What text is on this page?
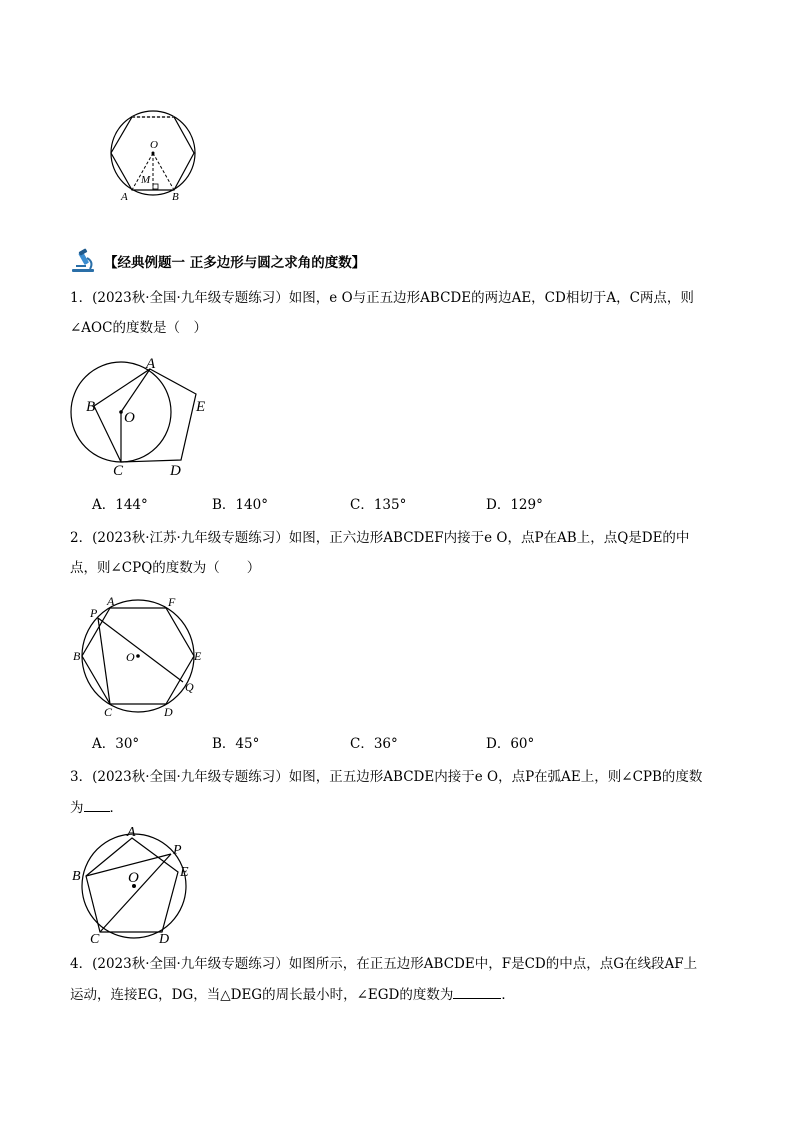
O
M
A	B
【经典例题一 正多边形与圆之求角的度数】
1．(2023秋·全国·九年级专题练习）如图，e O与正五边形ABCDE的两边AE，CD相切于A，C两点，则
∠AOC的度数是（　）
A
B
O
E
C	D
A．144°	B．140°	C．135°	D．129°
2．(2023秋·江苏·九年级专题练习）如图，正六边形ABCDEF内接于e O，点P在AB上，点Q是DE的中
点，则∠CPQ的度数为（　　）
P
A	F
B	O	E
Q
C	D
A．30°	B．45°	C．36°	D．60°
3．(2023秋·全国·九年级专题练习）如图，正五边形ABCDE内接于e O，点P在弧AE上，则∠CPB的度数
为 ．
A
P
E
B	O
C	D
4．(2023秋·全国·九年级专题练习）如图所示，在正五边形ABCDE中，F是CD的中点，点G在线段AF上
运动，连接EG，DG，当△DEG的周长最小时，∠EGD的度数为	．
